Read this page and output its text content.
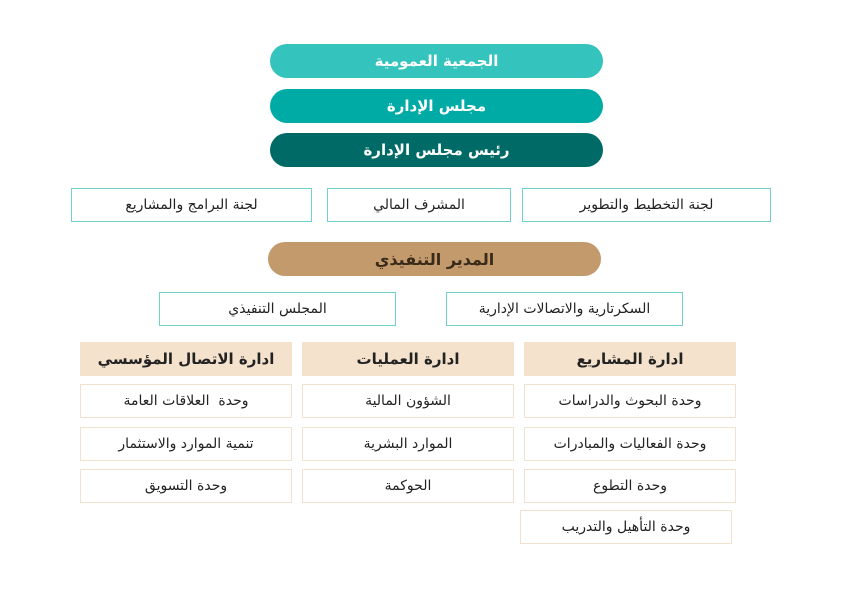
الجمعية العمومية
مجلس الإدارة
رئيس مجلس الإدارة
لجنة التخطيط والتطوير
المشرف المالي
لجنة البرامج والمشاريع
المدير التنفيذي
السكرتارية والاتصالات الإدارية
المجلس التنفيذي
ادارة المشاريع
ادارة العمليات
ادارة الاتصال المؤسسي
وحدة البحوث والدراسات
وحدة الفعاليات والمبادرات
وحدة التطوع
وحدة التأهيل والتدريب
الشؤون المالية
الموارد البشرية
الحوكمة
وحدة  العلاقات العامة
تنمية الموارد والاستثمار
وحدة التسويق
